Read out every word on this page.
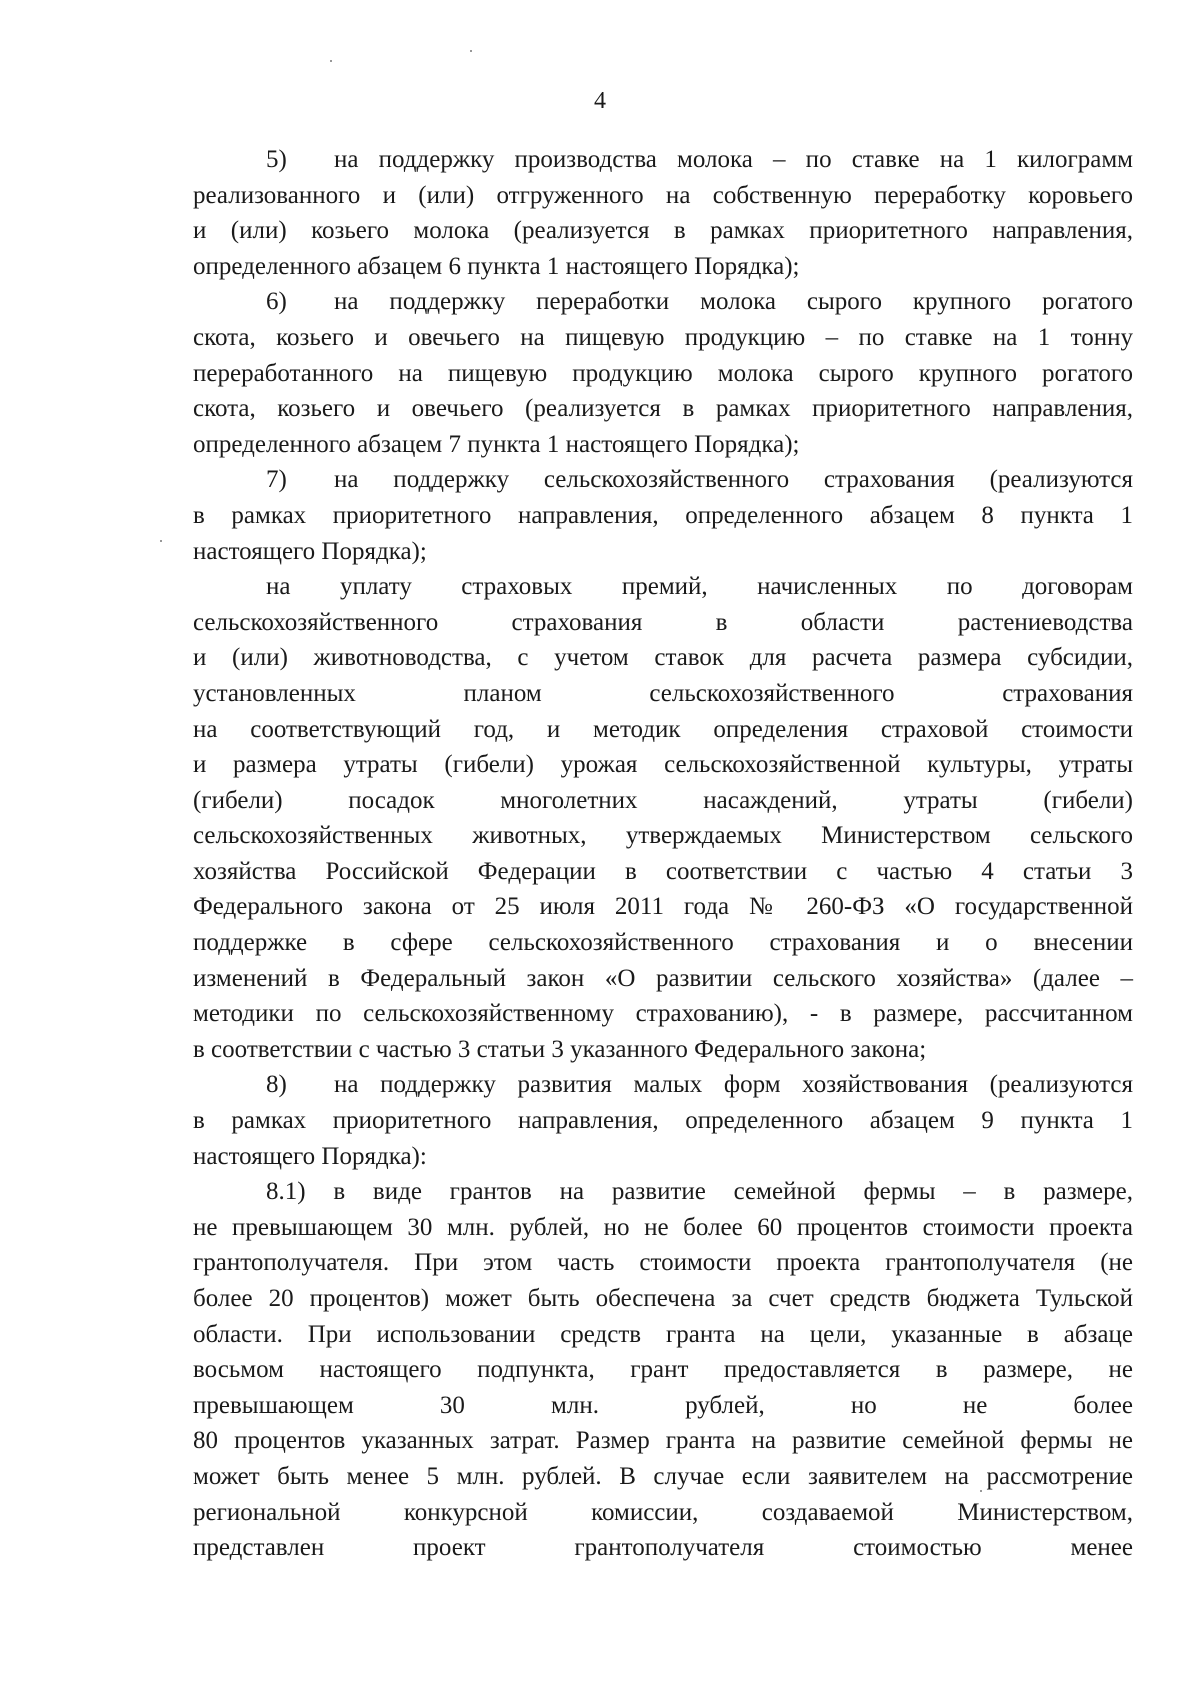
4
5) на поддержку производства молока – по ставке на 1 килограмм
реализованного и (или) отгруженного на собственную переработку коровьего
и (или) козьего молока (реализуется в рамках приоритетного направления,
определенного абзацем 6 пункта 1 настоящего Порядка);
6) на поддержку переработки молока сырого крупного рогатого
скота, козьего и овечьего на пищевую продукцию – по ставке на 1 тонну
переработанного на пищевую продукцию молока сырого крупного рогатого
скота, козьего и овечьего (реализуется в рамках приоритетного направления,
определенного абзацем 7 пункта 1 настоящего Порядка);
7) на поддержку сельскохозяйственного страхования (реализуются
в рамках приоритетного направления, определенного абзацем 8 пункта 1
настоящего Порядка);
на уплату страховых премий, начисленных по договорам
сельскохозяйственного страхования в области растениеводства
и (или) животноводства, с учетом ставок для расчета размера субсидии,
установленных планом сельскохозяйственного страхования
на соответствующий год, и методик определения страховой стоимости
и размера утраты (гибели) урожая сельскохозяйственной культуры, утраты
(гибели) посадок многолетних насаждений, утраты (гибели)
сельскохозяйственных животных, утверждаемых Министерством сельского
хозяйства Российской Федерации в соответствии с частью 4 статьи 3
Федерального закона от 25 июля 2011 года № 260-ФЗ «О государственной
поддержке в сфере сельскохозяйственного страхования и о внесении
изменений в Федеральный закон «О развитии сельского хозяйства» (далее –
методики по сельскохозяйственному страхованию), - в размере, рассчитанном
в соответствии с частью 3 статьи 3 указанного Федерального закона;
8) на поддержку развития малых форм хозяйствования (реализуются
в рамках приоритетного направления, определенного абзацем 9 пункта 1
настоящего Порядка):
8.1) в виде грантов на развитие семейной фермы – в размере,
не превышающем 30 млн. рублей, но не более 60 процентов стоимости проекта
грантополучателя. При этом часть стоимости проекта грантополучателя (не
более 20 процентов) может быть обеспечена за счет средств бюджета Тульской
области. При использовании средств гранта на цели, указанные в абзаце
восьмом настоящего подпункта, грант предоставляется в размере, не
превышающем 30 млн. рублей, но не более
80 процентов указанных затрат. Размер гранта на развитие семейной фермы не
может быть менее 5 млн. рублей. В случае если заявителем на рассмотрение
региональной конкурсной комиссии, создаваемой Министерством,
представлен проект грантополучателя стоимостью менее
